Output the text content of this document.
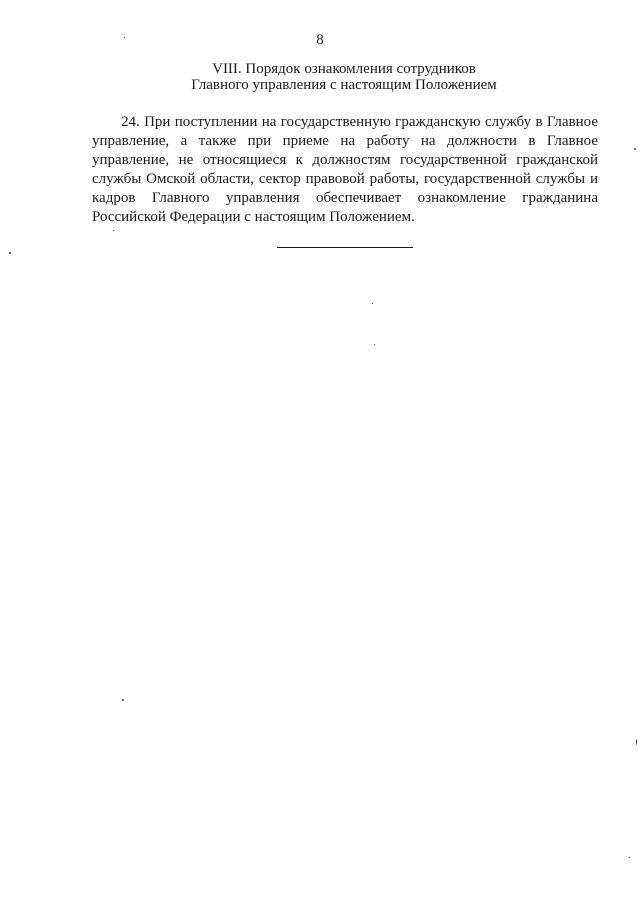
8
VIII. Порядок ознакомления сотрудников
Главного управления с настоящим Положением

24. При поступлении на государственную гражданскую службу в Главное управление, а также при приеме на работу на должности в Главное управление, не относящиеся к должностям государственной гражданской службы Омской области, сектор правовой работы, государственной службы и кадров Главного управления обеспечивает ознакомление гражданина Российской Федерации с настоящим Положением.
